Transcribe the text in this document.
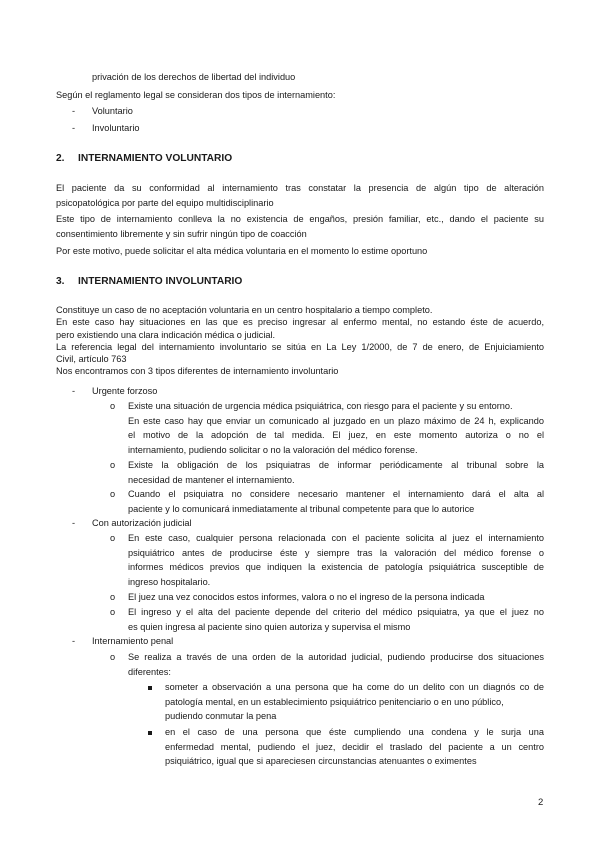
privación de los derechos de libertad del individuo
Según el reglamento legal se consideran dos tipos de internamiento:
- Voluntario
- Involuntario
2. INTERNAMIENTO VOLUNTARIO
El paciente da su conformidad al internamiento tras constatar la presencia de algún tipo de alteración
psicopatológica por parte del equipo multidisciplinario
Este tipo de internamiento conlleva la no existencia de engaños, presión familiar, etc., dando el paciente su
consentimiento libremente y sin sufrir ningún tipo de coacción
Por este motivo, puede solicitar el alta médica voluntaria en el momento lo estime oportuno
3. INTERNAMIENTO INVOLUNTARIO
Constituye un caso de no aceptación voluntaria en un centro hospitalario a tiempo completo.
En este caso hay situaciones en las que es preciso ingresar al enfermo mental, no estando éste de acuerdo,
pero existiendo una clara indicación médica o judicial.
La referencia legal del internamiento involuntario se sitúa en La Ley 1/2000, de 7 de enero, de Enjuiciamiento
Civil, artículo 763
Nos encontramos con 3 tipos diferentes de internamiento involuntario
- Urgente forzoso
o Existe una situación de urgencia médica psiquiátrica, con riesgo para el paciente y su entorno.
En este caso hay que enviar un comunicado al juzgado en un plazo máximo de 24 h, explicando
el motivo de la adopción de tal medida. El juez, en este momento autoriza o no el
internamiento, pudiendo solicitar o no la valoración del médico forense.
o Existe la obligación de los psiquiatras de informar periódicamente al tribunal sobre la
necesidad de mantener el internamiento.
o Cuando el psiquiatra no considere necesario mantener el internamiento dará el alta al
paciente y lo comunicará inmediatamente al tribunal competente para que lo autorice
- Con autorización judicial
o En este caso, cualquier persona relacionada con el paciente solicita al juez el internamiento
psiquiátrico antes de producirse éste y siempre tras la valoración del médico forense o
informes médicos previos que indiquen la existencia de patología psiquiátrica susceptible de
ingreso hospitalario.
o El juez una vez conocidos estos informes, valora o no el ingreso de la persona indicada
o El ingreso y el alta del paciente depende del criterio del médico psiquiatra, ya que el juez no
es quien ingresa al paciente sino quien autoriza y supervisa el mismo
- Internamiento penal
o Se realiza a través de una orden de la autoridad judicial, pudiendo producirse dos situaciones
diferentes:
someter a observación a una persona que ha come do un delito con un diagnós co de
patología mental, en un establecimiento psiquiátrico penitenciario o en uno público,
pudiendo conmutar la pena
en el caso de una persona que éste cumpliendo una condena y le surja una
enfermedad mental, pudiendo el juez, decidir el traslado del paciente a un centro
psiquiátrico, igual que si apareciesen circunstancias atenuantes o eximentes
2
